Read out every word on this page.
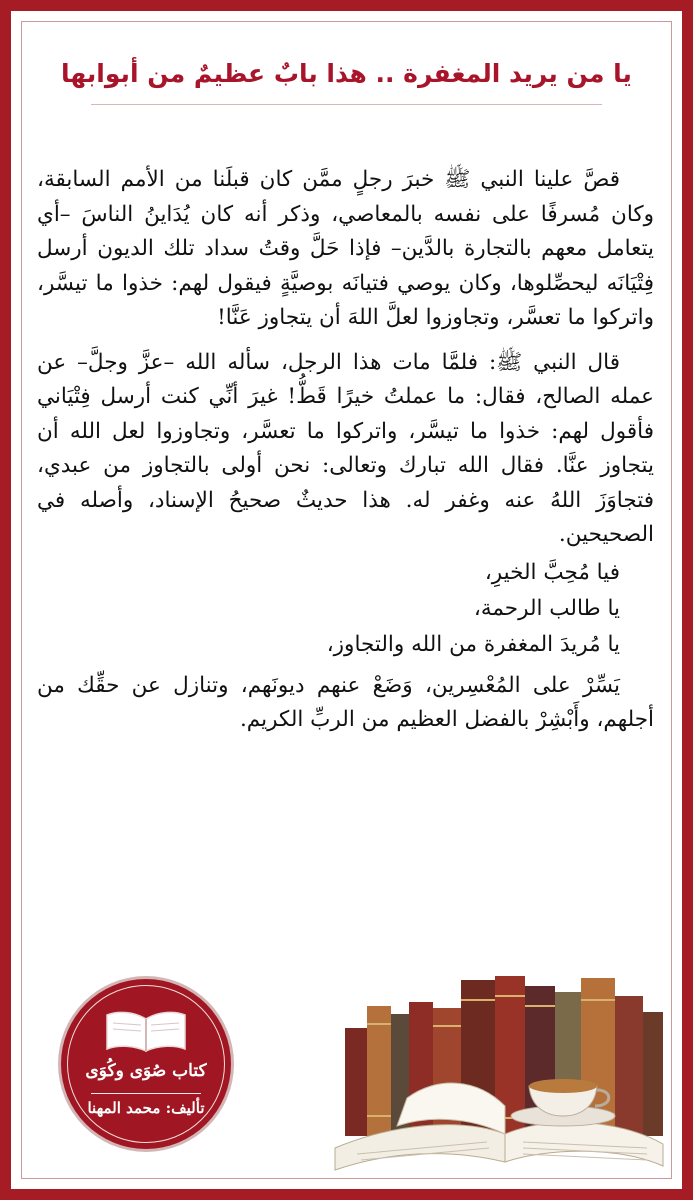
يا من يريد المغفرة .. هذا بابٌ عظيمٌ من أبوابها

قصَّ علينا النبي ﷺ خبرَ رجلٍ ممَّن كان قبلَنا من الأمم السابقة، وكان مُسرفًا على نفسه بالمعاصي، وذكر أنه كان يُدَاينُ الناسَ –أي يتعامل معهم بالتجارة بالدَّين– فإذا حَلَّ وقتُ سداد تلك الديون أرسل فِتْيَانَه ليحصِّلوها، وكان يوصي فتيانَه بوصيَّةٍ فيقول لهم: خذوا ما تيسَّر، واتركوا ما تعسَّر، وتجاوزوا لعلَّ اللهَ أن يتجاوز عَنَّا!

قال النبي ﷺ: فلمَّا مات هذا الرجل، سأله الله –عزَّ وجلَّ– عن عمله الصالح، فقال: ما عملتُ خيرًا قَطُّ! غيرَ أنِّي كنت أرسل فِتْيَاني فأقول لهم: خذوا ما تيسَّر، واتركوا ما تعسَّر، وتجاوزوا لعل الله أن يتجاوز عنَّا. فقال الله تبارك وتعالى: نحن أولى بالتجاوز من عبدي، فتجاوَزَ اللهُ عنه وغفر له. هذا حديثٌ صحيحُ الإسناد، وأصله في الصحيحين.

فيا مُحِبَّ الخيرِ،
يا طالب الرحمة،
يا مُريدَ المغفرة من الله والتجاوز،

يَسِّرْ على المُعْسِرين، وَضَعْ عنهم ديونَهم، وتنازل عن حقِّك من أجلهم، وأَبْشِرْ بالفضل العظيم من الربِّ الكريم.

كتاب صُوَى وكُوَى
تأليف: محمد المهنا
